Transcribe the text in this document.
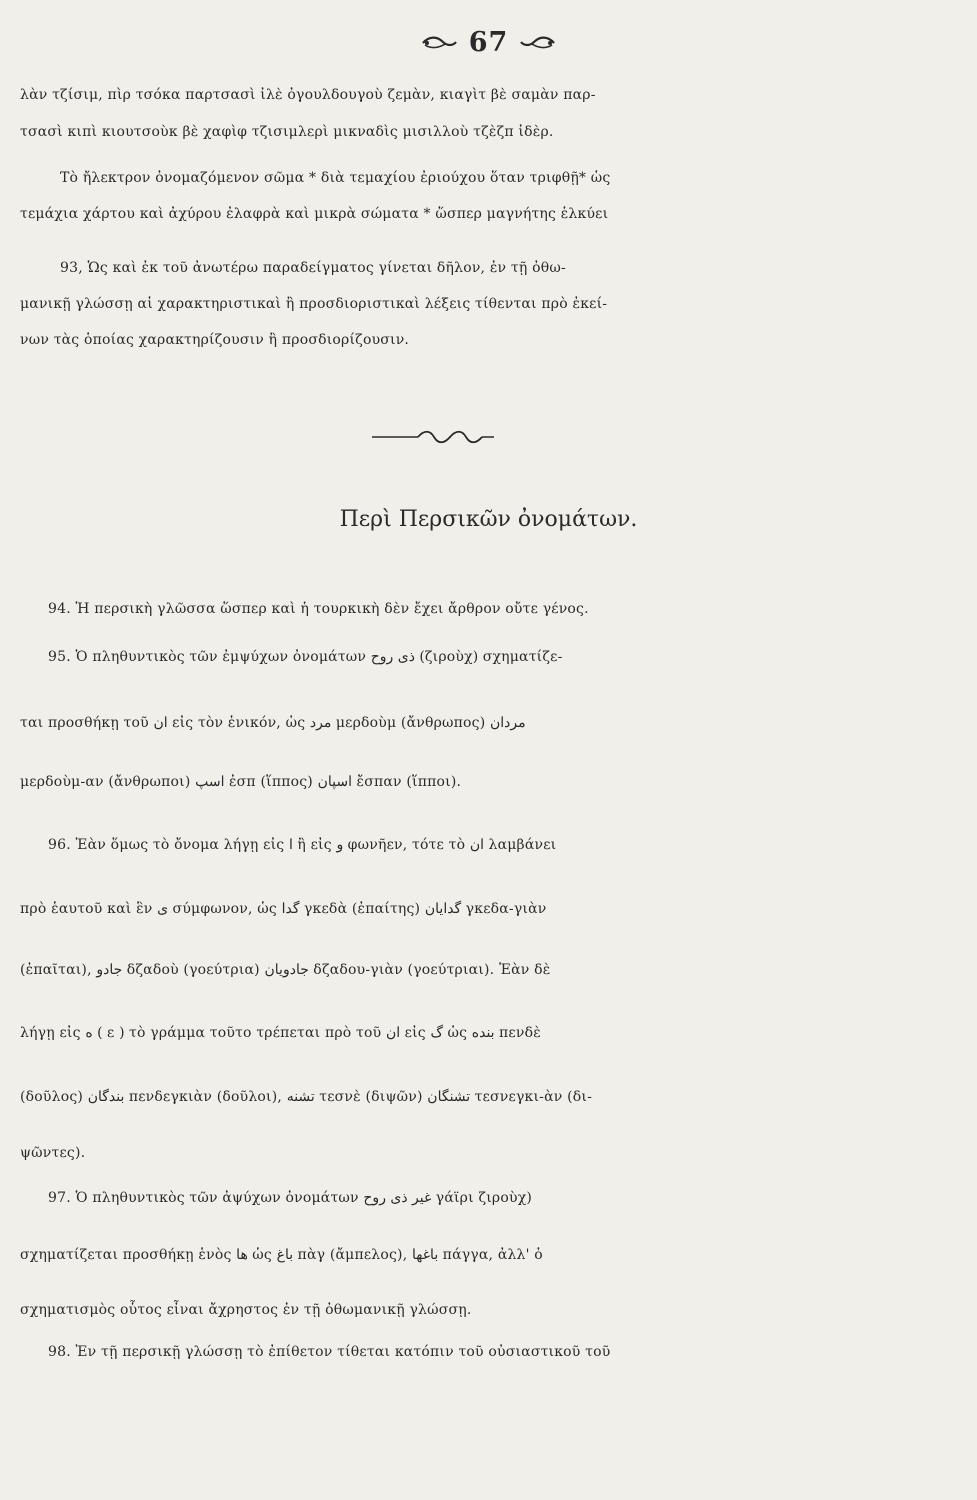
67
λὰν τζίσιμ, πὶρ τσόκα παρτσασὶ ἰλὲ ὀγουλδουγοὺ ζεμὰν, κιαγὶτ βὲ σαμὰν παρ-
τσασὶ κιπὶ κιουτσοὺκ βὲ χαφὶφ τζισιμλερὶ μικναδὶς μισιλλοὺ τζὲζπ ἰδὲρ.
Τὸ ἤλεκτρον ὀνομαζόμενον σῶμα * διὰ τεμαχίου ἐριούχου ὅταν τριφθῇ* ὡς
τεμάχια χάρτου καὶ ἀχύρου ἐλαφρὰ καὶ μικρὰ σώματα * ὥσπερ μαγνήτης ἑλκύει
93, Ὡς καὶ ἐκ τοῦ ἀνωτέρω παραδείγματος γίνεται δῆλον, ἐν τῇ ὀθω-
μανικῇ γλώσσῃ αἱ χαρακτηριστικαὶ ἢ προσδιοριστικαὶ λέξεις τίθενται πρὸ ἐκεί-
νων τὰς ὁποίας χαρακτηρίζουσιν ἢ προσδιορίζουσιν.
Περὶ Περσικῶν ὀνομάτων.
94. Ἡ περσικὴ γλῶσσα ὥσπερ καὶ ἡ τουρκικὴ δὲν ἔχει ἄρθρον οὔτε γένος.
95. Ὁ πληθυντικὸς τῶν ἐμψύχων ὀνομάτων ذی روح (ζιροὺχ) σχηματίζε-
ται προσθήκῃ τοῦ ان εἰς τὸν ἑνικόν, ὡς مرد μερδοὺμ (ἄνθρωπος) مردان
μερδοὺμ-αν (ἄνθρωποι) اسپ ἐσπ (ἵππος) اسپان ἔσπαν (ἵπποι).
96. Ἐὰν ὅμως τὸ ὄνομα λήγῃ εἰς ا ἢ εἰς و φωνῆεν, τότε τὸ ان λαμβάνει
πρὸ ἑαυτοῦ καὶ ἓν ی σύμφωνον, ὡς گدا γκεδὰ (ἐπαίτης) گدایان γκεδα-γιὰν
(ἐπαῖται), جادو δζαδοὺ (γοεύτρια) جادویان δζαδου-γιὰν (γοεύτριαι). Ἐὰν δὲ
λήγῃ εἰς ه ( ε ) τὸ γράμμα τοῦτο τρέπεται πρὸ τοῦ ان εἰς گ ὡς بنده πενδὲ
(δοῦλος) بندگان πενδεγκιὰν (δοῦλοι), تشنه τεσνὲ (διψῶν) تشنگان τεσνεγκι-ὰν (δι-
ψῶντες).
97. Ὁ πληθυντικὸς τῶν ἀψύχων ὀνομάτων غیر ذی روح γάϊρι ζιροὺχ)
σχηματίζεται προσθήκῃ ἑνὸς ها ὡς باغ πὰγ (ἄμπελος), باغها πάγγα, ἀλλ' ὁ
σχηματισμὸς οὗτος εἶναι ἄχρηστος ἐν τῇ ὀθωμανικῇ γλώσσῃ.
98. Ἐν τῇ περσικῇ γλώσσῃ τὸ ἐπίθετον τίθεται κατόπιν τοῦ οὐσιαστικοῦ τοῦ
